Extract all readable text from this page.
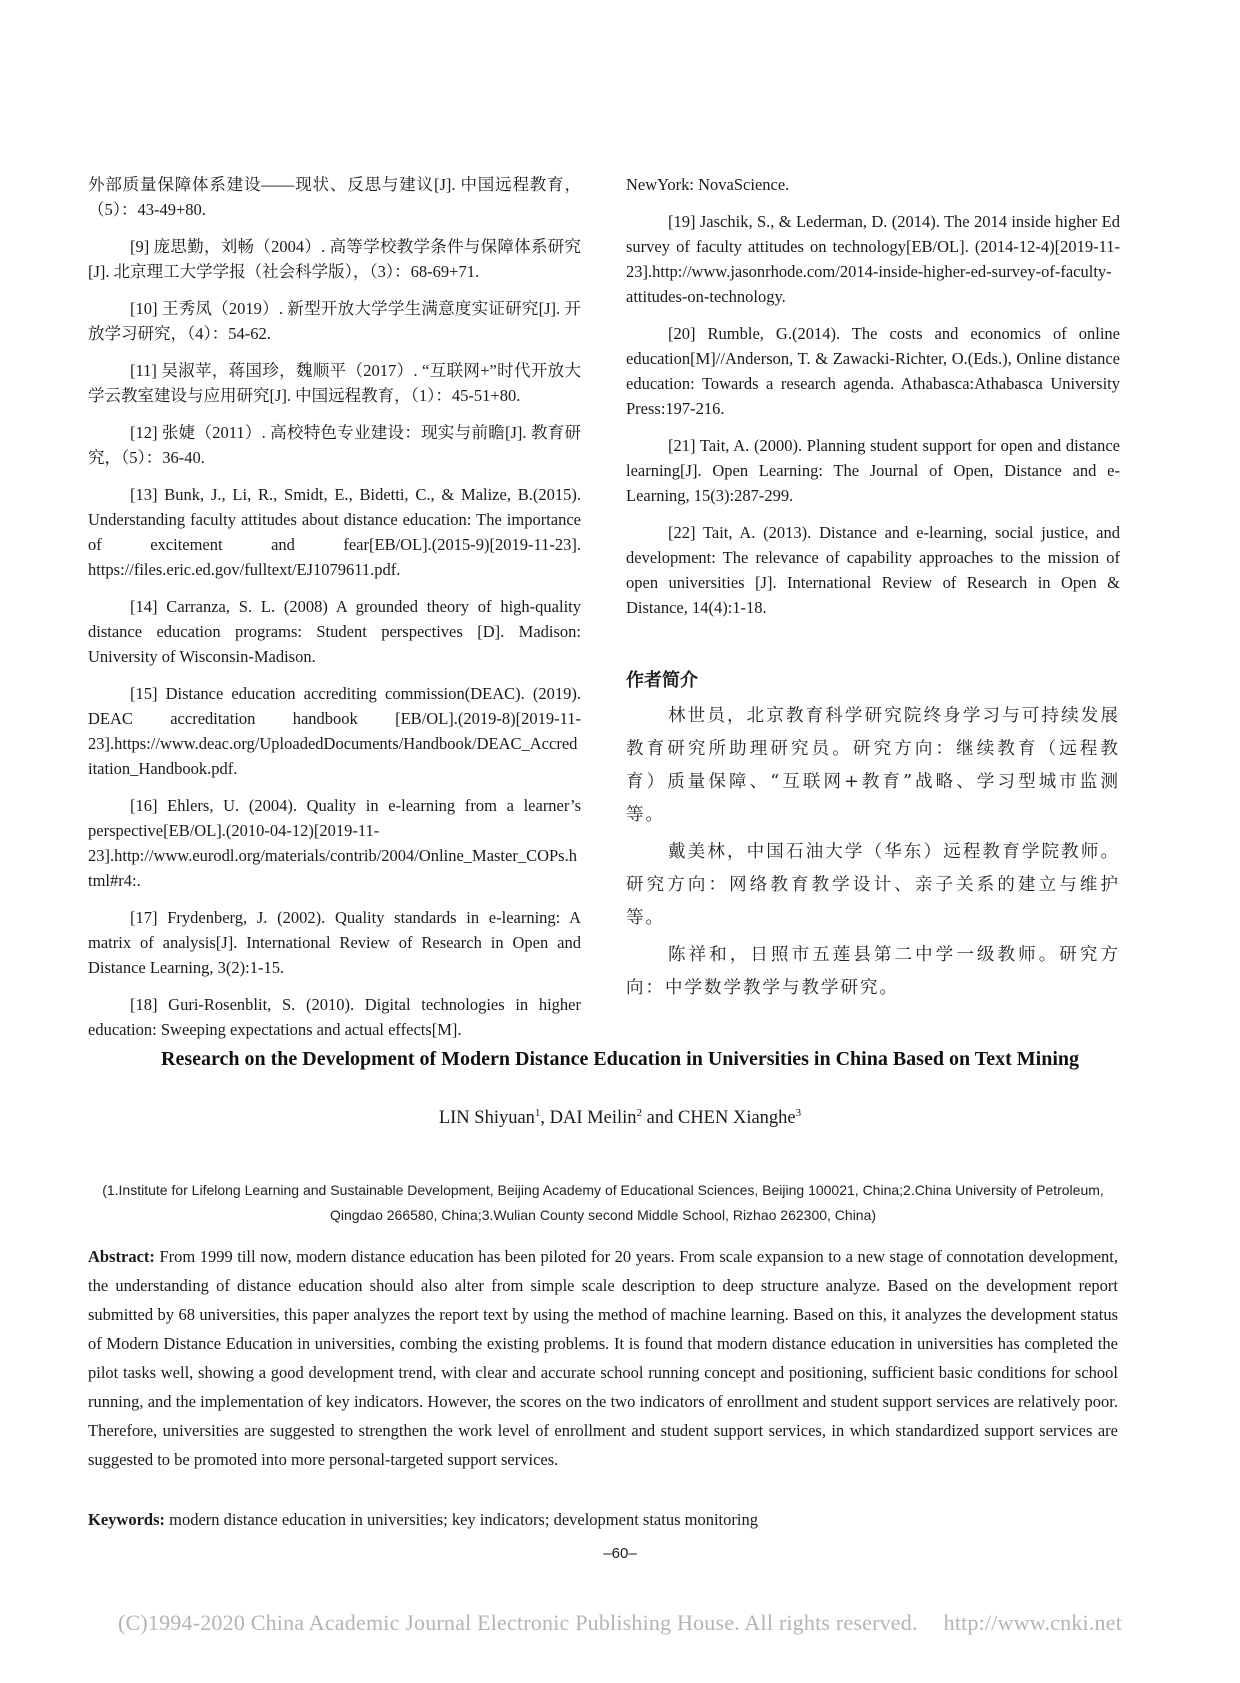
外部质量保障体系建设——现状、反思与建议[J]. 中国远程教育，（5）：43-49+80.

[9] 庞思勤，刘畅（2004）. 高等学校教学条件与保障体系研究[J]. 北京理工大学学报（社会科学版），（3）：68-69+71.

[10] 王秀凤（2019）. 新型开放大学学生满意度实证研究[J]. 开放学习研究，（4）：54-62.

[11] 吴淑苹，蒋国珍，魏顺平（2017）. “互联网+”时代开放大学云教室建设与应用研究[J]. 中国远程教育，（1）：45-51+80.

[12] 张婕（2011）. 高校特色专业建设：现实与前瞻[J]. 教育研究，（5）：36-40.

[13] Bunk, J., Li, R., Smidt, E., Bidetti, C., & Malize, B.(2015). Understanding faculty attitudes about distance education: The importance of excitement and fear[EB/OL].(2015-9)[2019-11-23]. https://files.eric.ed.gov/fulltext/EJ1079611.pdf.

[14] Carranza, S. L. (2008) A grounded theory of high-quality distance education programs: Student perspectives [D]. Madison: University of Wisconsin-Madison.

[15] Distance education accrediting commission(DEAC). (2019). DEAC accreditation handbook [EB/OL].(2019-8)[2019-11-23].https://www.deac.org/UploadedDocuments/Handbook/DEAC_Accreditation_Handbook.pdf.

[16] Ehlers, U. (2004). Quality in e-learning from a learner’s perspective[EB/OL].(2010-04-12)[2019-11-23].http://www.eurodl.org/materials/contrib/2004/Online_Master_COPs.html#r4:.

[17] Frydenberg, J. (2002). Quality standards in e-learning: A matrix of analysis[J]. International Review of Research in Open and Distance Learning, 3(2):1-15.

[18] Guri-Rosenblit, S. (2010). Digital technologies in higher education: Sweeping expectations and actual effects[M].

NewYork: NovaScience.

[19] Jaschik, S., & Lederman, D. (2014). The 2014 inside higher Ed survey of faculty attitudes on technology[EB/OL]. (2014-12-4)[2019-11-23].http://www.jasonrhode.com/2014-inside-higher-ed-survey-of-faculty-attitudes-on-technology.

[20] Rumble, G.(2014). The costs and economics of online education[M]//Anderson, T. & Zawacki-Richter, O.(Eds.), Online distance education: Towards a research agenda. Athabasca:Athabasca University Press:197-216.

[21] Tait, A. (2000). Planning student support for open and distance learning[J]. Open Learning: The Journal of Open, Distance and e-Learning, 15(3):287-299.

[22] Tait, A. (2013). Distance and e-learning, social justice, and development: The relevance of capability approaches to the mission of open universities [J]. International Review of Research in Open & Distance, 14(4):1-18.

作者简介

林世员，北京教育科学研究院终身学习与可持续发展教育研究所助理研究员。研究方向：继续教育（远程教育）质量保障、“互联网+教育”战略、学习型城市监测等。

戴美林，中国石油大学（华东）远程教育学院教师。研究方向：网络教育教学设计、亲子关系的建立与维护等。

陈祥和，日照市五莲县第二中学一级教师。研究方向：中学数学教学与教学研究。

Research on the Development of Modern Distance Education in Universities in China Based on Text Mining
LIN Shiyuan$^1$, DAI Meilin$^2$ and CHEN Xianghe$^3$
(1.Institute for Lifelong Learning and Sustainable Development, Beijing Academy of Educational Sciences, Beijing 100021, China;2.China University of Petroleum, Qingdao 266580, China;3.Wulian County second Middle School, Rizhao 262300, China)
Abstract: From 1999 till now, modern distance education has been piloted for 20 years. From scale expansion to a new stage of connotation development, the understanding of distance education should also alter from simple scale description to deep structure analyze. Based on the development report submitted by 68 universities, this paper analyzes the report text by using the method of machine learning. Based on this, it analyzes the development status of Modern Distance Education in universities, combing the existing problems. It is found that modern distance education in universities has completed the pilot tasks well, showing a good development trend, with clear and accurate school running concept and positioning, sufficient basic conditions for school running, and the implementation of key indicators. However, the scores on the two indicators of enrollment and student support services are relatively poor. Therefore, universities are suggested to strengthen the work level of enrollment and student support services, in which standardized support services are suggested to be promoted into more personal-targeted support services.
Keywords: modern distance education in universities; key indicators; development status monitoring
–60–
(C)1994-2020 China Academic Journal Electronic Publishing House. All rights reserved. http://www.cnki.net
